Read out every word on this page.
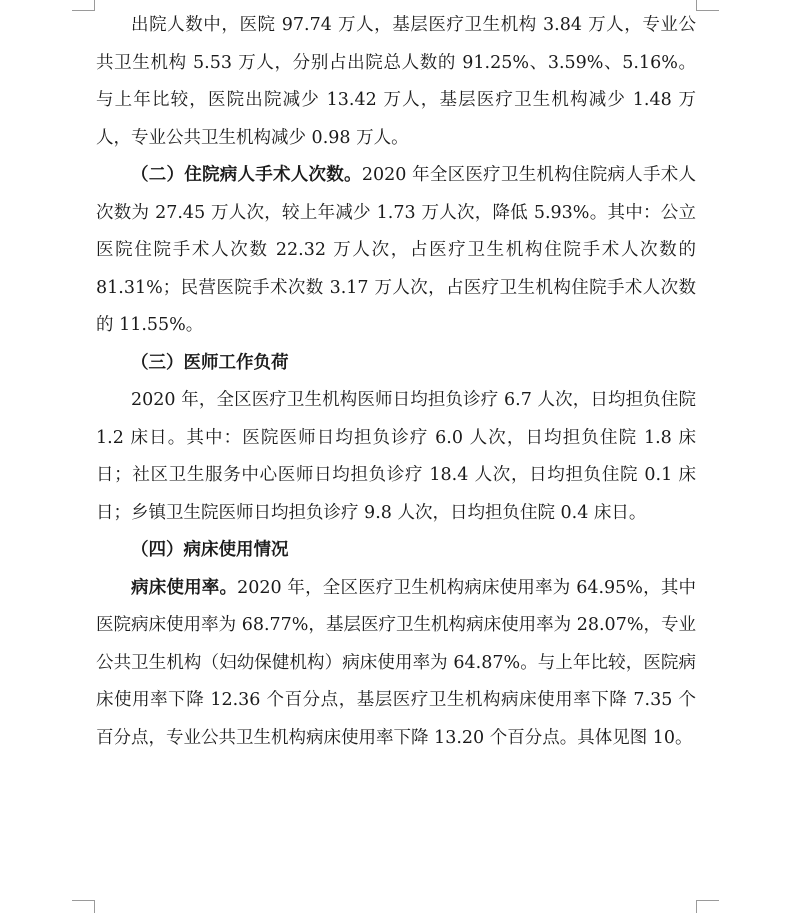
出院人数中，医院 97.74 万人，基层医疗卫生机构 3.84 万人，专业公共卫生机构 5.53 万人，分别占出院总人数的 91.25%、3.59%、5.16%。与上年比较，医院出院减少 13.42 万人，基层医疗卫生机构减少 1.48 万人，专业公共卫生机构减少 0.98 万人。

（二）住院病人手术人次数。2020 年全区医疗卫生机构住院病人手术人次数为 27.45 万人次，较上年减少 1.73 万人次，降低 5.93%。其中：公立医院住院手术人次数 22.32 万人次，占医疗卫生机构住院手术人次数的 81.31%；民营医院手术次数 3.17 万人次，占医疗卫生机构住院手术人次数的 11.55%。

（三）医师工作负荷

2020 年，全区医疗卫生机构医师日均担负诊疗 6.7 人次，日均担负住院 1.2 床日。其中：医院医师日均担负诊疗 6.0 人次，日均担负住院 1.8 床日；社区卫生服务中心医师日均担负诊疗 18.4 人次，日均担负住院 0.1 床日；乡镇卫生院医师日均担负诊疗 9.8 人次，日均担负住院 0.4 床日。

（四）病床使用情况

病床使用率。2020 年，全区医疗卫生机构病床使用率为 64.95%，其中医院病床使用率为 68.77%，基层医疗卫生机构病床使用率为 28.07%，专业公共卫生机构（妇幼保健机构）病床使用率为 64.87%。与上年比较，医院病床使用率下降 12.36 个百分点，基层医疗卫生机构病床使用率下降 7.35 个百分点，专业公共卫生机构病床使用率下降 13.20 个百分点。具体见图 10。
